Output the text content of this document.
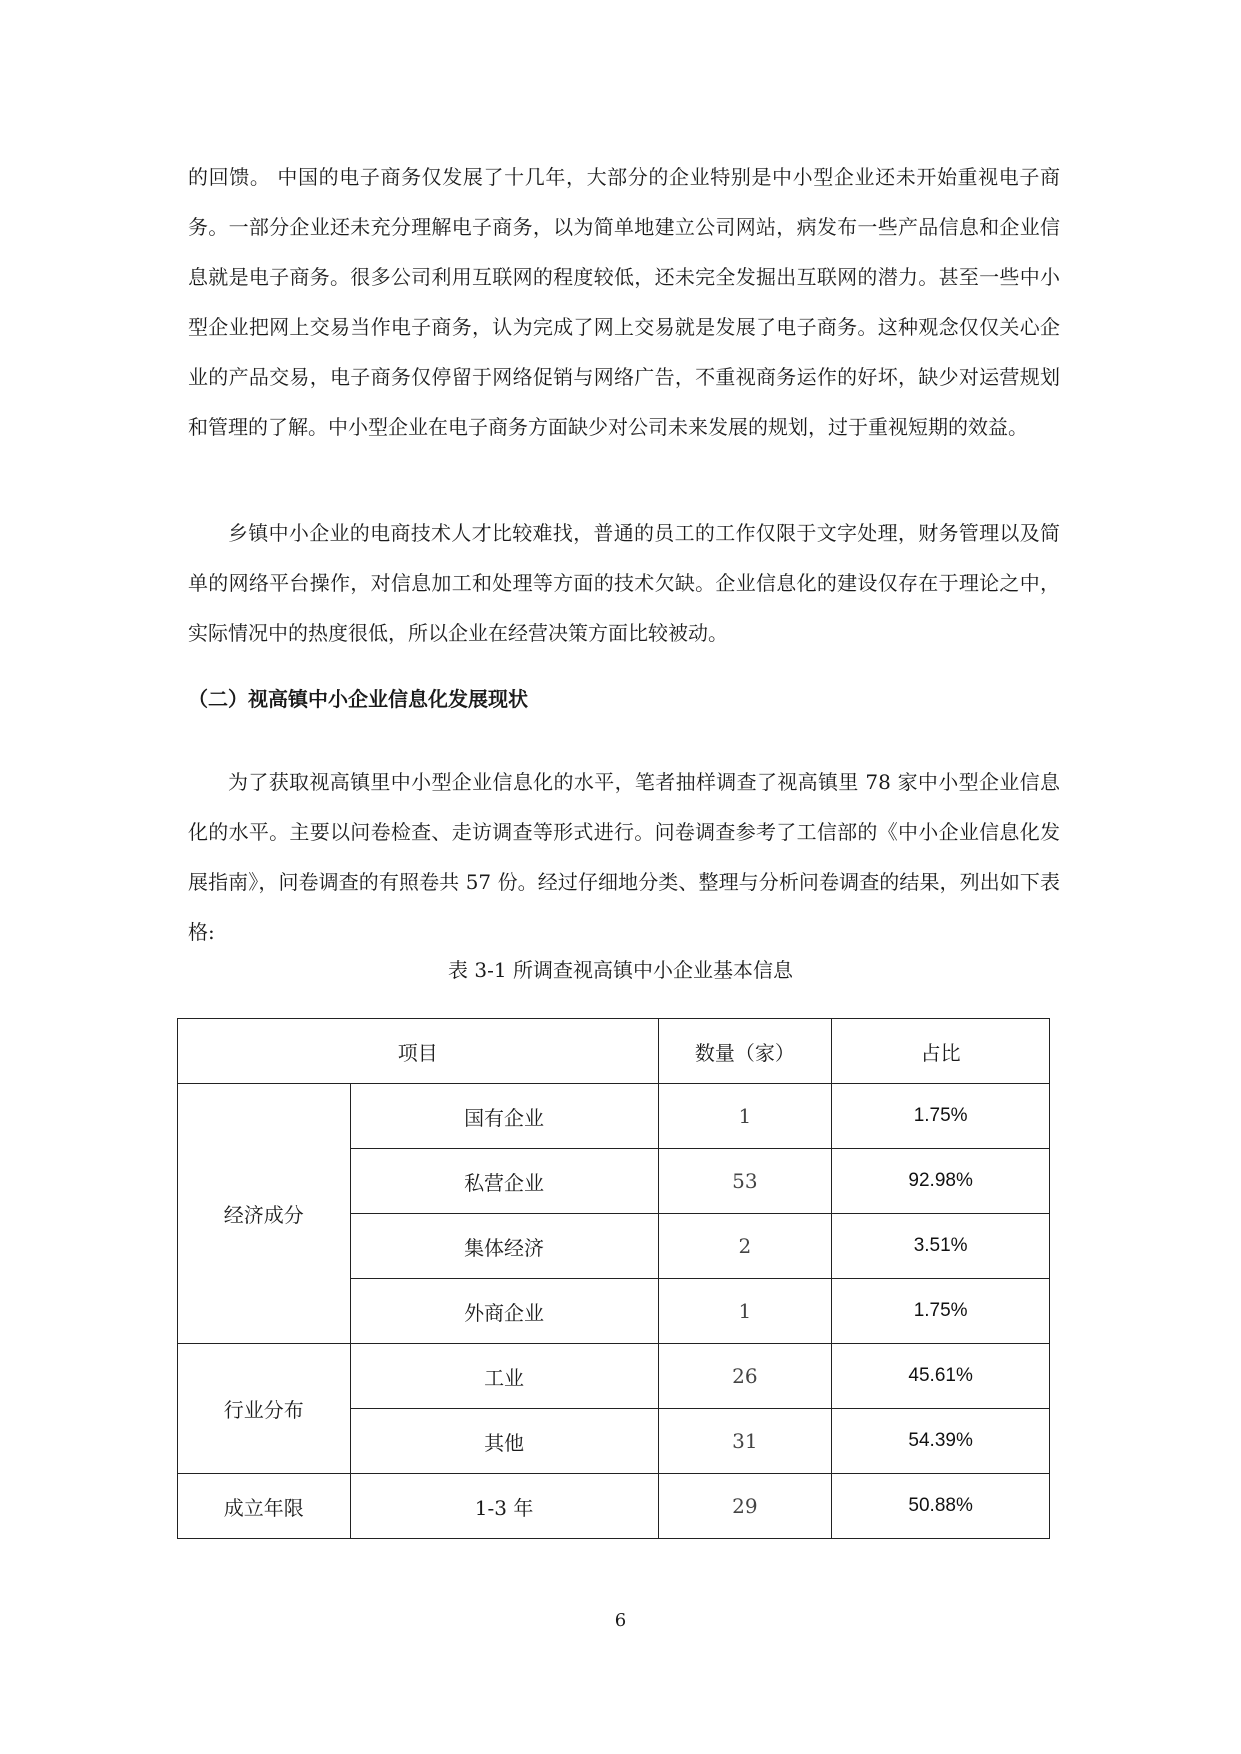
的回馈。 中国的电子商务仅发展了十几年，大部分的企业特别是中小型企业还未开始重视电子商务。一部分企业还未充分理解电子商务，以为简单地建立公司网站，病发布一些产品信息和企业信息就是电子商务。很多公司利用互联网的程度较低，还未完全发掘出互联网的潜力。甚至一些中小型企业把网上交易当作电子商务，认为完成了网上交易就是发展了电子商务。这种观念仅仅关心企业的产品交易，电子商务仅停留于网络促销与网络广告，不重视商务运作的好坏，缺少对运营规划和管理的了解。中小型企业在电子商务方面缺少对公司未来发展的规划，过于重视短期的效益。

乡镇中小企业的电商技术人才比较难找，普通的员工的工作仅限于文字处理，财务管理以及简单的网络平台操作，对信息加工和处理等方面的技术欠缺。企业信息化的建设仅存在于理论之中，实际情况中的热度很低，所以企业在经营决策方面比较被动。

（二）视高镇中小企业信息化发展现状

为了获取视高镇里中小型企业信息化的水平，笔者抽样调查了视高镇里 78 家中小型企业信息化的水平。主要以问卷检查、走访调查等形式进行。问卷调查参考了工信部的《中小企业信息化发展指南》，问卷调查的有照卷共 57 份。经过仔细地分类、整理与分析问卷调查的结果，列出如下表格:

表 3-1 所调查视高镇中小企业基本信息
项目		数量（家）	占比
经济成分	国有企业	1	1.75%
	私营企业	53	92.98%
	集体经济	2	3.51%
	外商企业	1	1.75%
行业分布	工业	26	45.61%
	其他	31	54.39%
成立年限	1-3 年	29	50.88%
6
